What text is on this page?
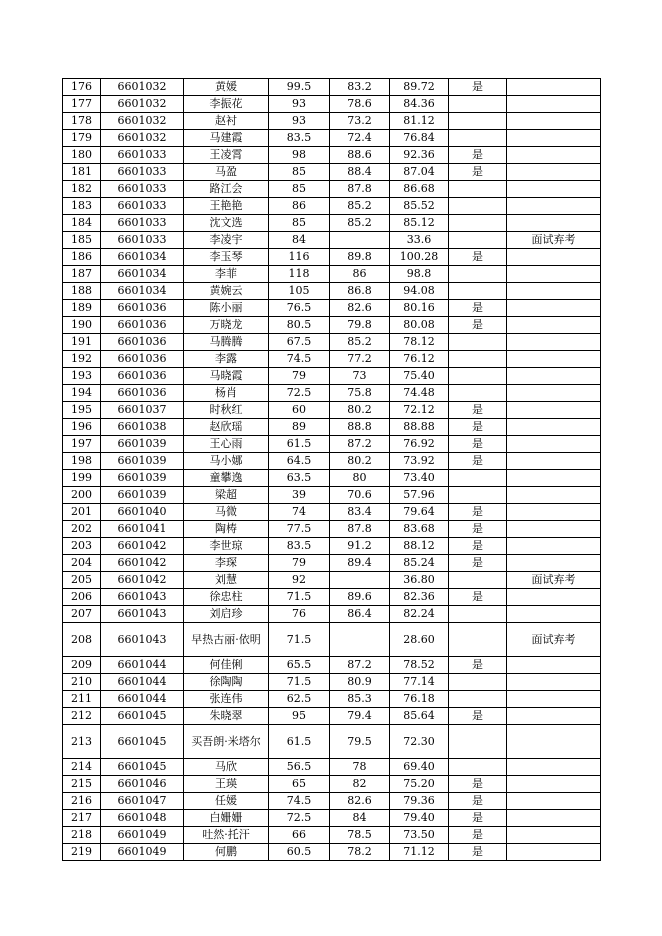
176	6601032	黄媛	99.5	83.2	89.72	是	
177	6601032	李振花	93	78.6	84.36		
178	6601032	赵衬	93	73.2	81.12		
179	6601032	马建霞	83.5	72.4	76.84		
180	6601033	王凌霄	98	88.6	92.36	是	
181	6601033	马盈	85	88.4	87.04	是	
182	6601033	路江会	85	87.8	86.68		
183	6601033	王艳艳	86	85.2	85.52		
184	6601033	沈文选	85	85.2	85.12		
185	6601033	李凌宇	84		33.6		面试弃考
186	6601034	李玉琴	116	89.8	100.28	是	
187	6601034	李菲	118	86	98.8		
188	6601034	黄婉云	105	86.8	94.08		
189	6601036	陈小丽	76.5	82.6	80.16	是	
190	6601036	万晓龙	80.5	79.8	80.08	是	
191	6601036	马腾腾	67.5	85.2	78.12		
192	6601036	李露	74.5	77.2	76.12		
193	6601036	马晓霞	79	73	75.40		
194	6601036	杨肖	72.5	75.8	74.48		
195	6601037	时秋红	60	80.2	72.12	是	
196	6601038	赵欣瑶	89	88.8	88.88	是	
197	6601039	王心雨	61.5	87.2	76.92	是	
198	6601039	马小娜	64.5	80.2	73.92	是	
199	6601039	童攀逸	63.5	80	73.40		
200	6601039	梁超	39	70.6	57.96		
201	6601040	马微	74	83.4	79.64	是	
202	6601041	陶梼	77.5	87.8	83.68	是	
203	6601042	李世琼	83.5	91.2	88.12	是	
204	6601042	李琛	79	89.4	85.24	是	
205	6601042	刘慧	92		36.80		面试弃考
206	6601043	徐忠柱	71.5	89.6	82.36	是	
207	6601043	刘启珍	76	86.4	82.24		
208	6601043	早热古丽·依明	71.5		28.60		面试弃考
209	6601044	何佳俐	65.5	87.2	78.52	是	
210	6601044	徐陶陶	71.5	80.9	77.14		
211	6601044	张连伟	62.5	85.3	76.18		
212	6601045	朱晓翠	95	79.4	85.64	是	
213	6601045	买吾朗·米塔尔	61.5	79.5	72.30		
214	6601045	马欣	56.5	78	69.40		
215	6601046	王瑛	65	82	75.20	是	
216	6601047	任媛	74.5	82.6	79.36	是	
217	6601048	白姗姗	72.5	84	79.40	是	
218	6601049	吐然·托汗	66	78.5	73.50	是	
219	6601049	何鹏	60.5	78.2	71.12	是	
